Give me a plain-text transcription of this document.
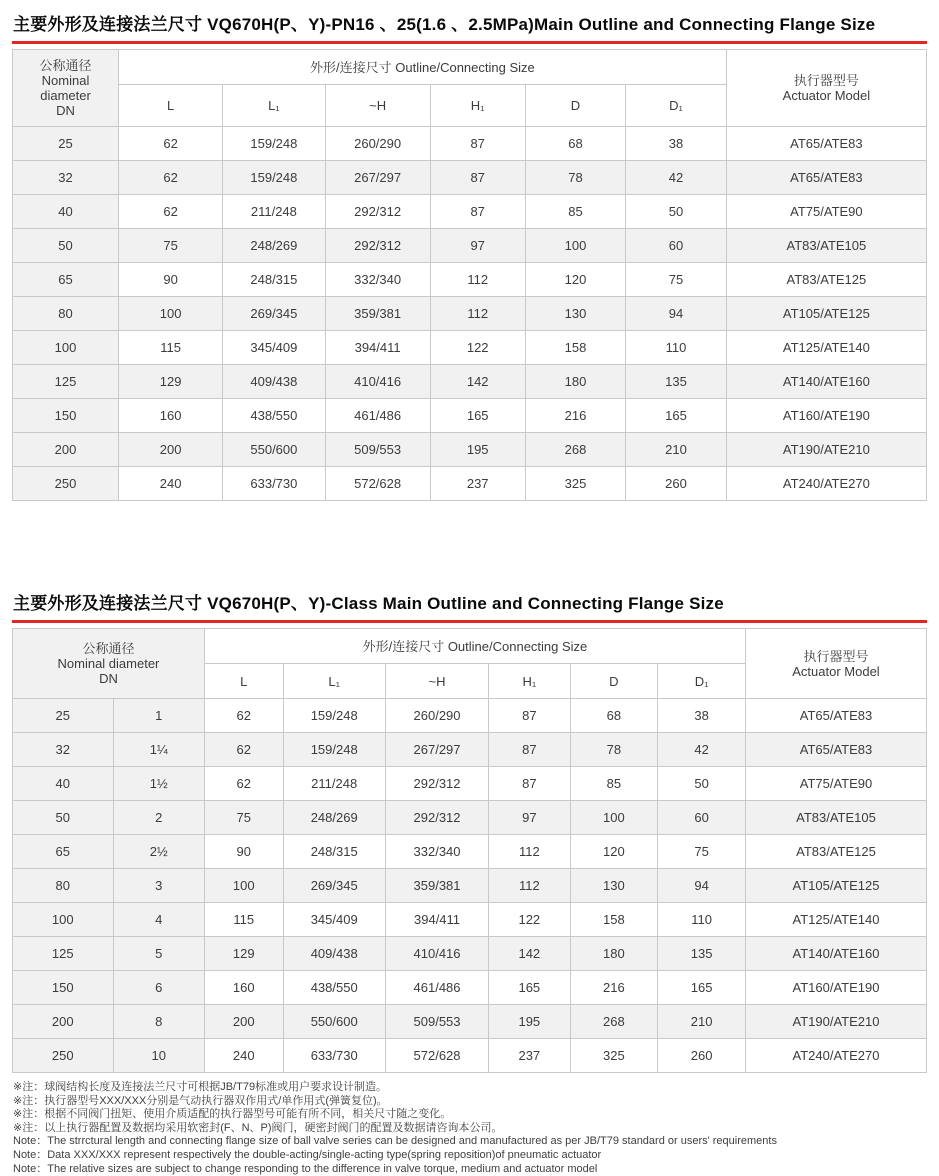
主要外形及连接法兰尺寸 VQ670H(P、Y)-PN16 、25(1.6 、2.5MPa)Main Outline and Connecting Flange Size
公称通径
Nominal
diameter
DN
	外形/连接尺寸 Outline/Connecting Size	
执行器型号
Actuator Model

	L	L₁	~H	H₁	D	D₁	
25	62	159/248	260/290	87	68	38	AT65/ATE83
32	62	159/248	267/297	87	78	42	AT65/ATE83
40	62	211/248	292/312	87	85	50	AT75/ATE90
50	75	248/269	292/312	97	100	60	AT83/ATE105
65	90	248/315	332/340	112	120	75	AT83/ATE125
80	100	269/345	359/381	112	130	94	AT105/ATE125
100	115	345/409	394/411	122	158	110	AT125/ATE140
125	129	409/438	410/416	142	180	135	AT140/ATE160
150	160	438/550	461/486	165	216	165	AT160/ATE190
200	200	550/600	509/553	195	268	210	AT190/ATE210
250	240	633/730	572/628	237	325	260	AT240/ATE270
主要外形及连接法兰尺寸 VQ670H(P、Y)-Class Main Outline and Connecting Flange Size
公称通径
Nominal diameter
DN
	外形/连接尺寸 Outline/Connecting Size	
执行器型号
Actuator Model

		L	L₁	~H	H₁	D	D₁	
25	1	62	159/248	260/290	87	68	38	AT65/ATE83
32	1¼	62	159/248	267/297	87	78	42	AT65/ATE83
40	1½	62	211/248	292/312	87	85	50	AT75/ATE90
50	2	75	248/269	292/312	97	100	60	AT83/ATE105
65	2½	90	248/315	332/340	112	120	75	AT83/ATE125
80	3	100	269/345	359/381	112	130	94	AT105/ATE125
100	4	115	345/409	394/411	122	158	110	AT125/ATE140
125	5	129	409/438	410/416	142	180	135	AT140/ATE160
150	6	160	438/550	461/486	165	216	165	AT160/ATE190
200	8	200	550/600	509/553	195	268	210	AT190/ATE210
250	10	240	633/730	572/628	237	325	260	AT240/ATE270
※注：球阀结构长度及连接法兰尺寸可根据JB/T79标准或用户要求设计制造。
※注：执行器型号XXX/XXX分别是气动执行器双作用式/单作用式(弹簧复位)。
※注：根据不同阀门扭矩、使用介质适配的执行器型号可能有所不同，相关尺寸随之变化。
※注：以上执行器配置及数据均采用软密封(F、N、P)阀门，硬密封阀门的配置及数据请咨询本公司。
Note：The strrctural length and connecting flange size of ball valve series can be designed and manufactured as per JB/T79 standard or users' requirements
Note：Data XXX/XXX represent respectively the double-acting/single-acting type(spring reposition)of pneumatic actuator
Note：The relative sizes are subject to change responding to the difference in valve torque, medium and actuator model
